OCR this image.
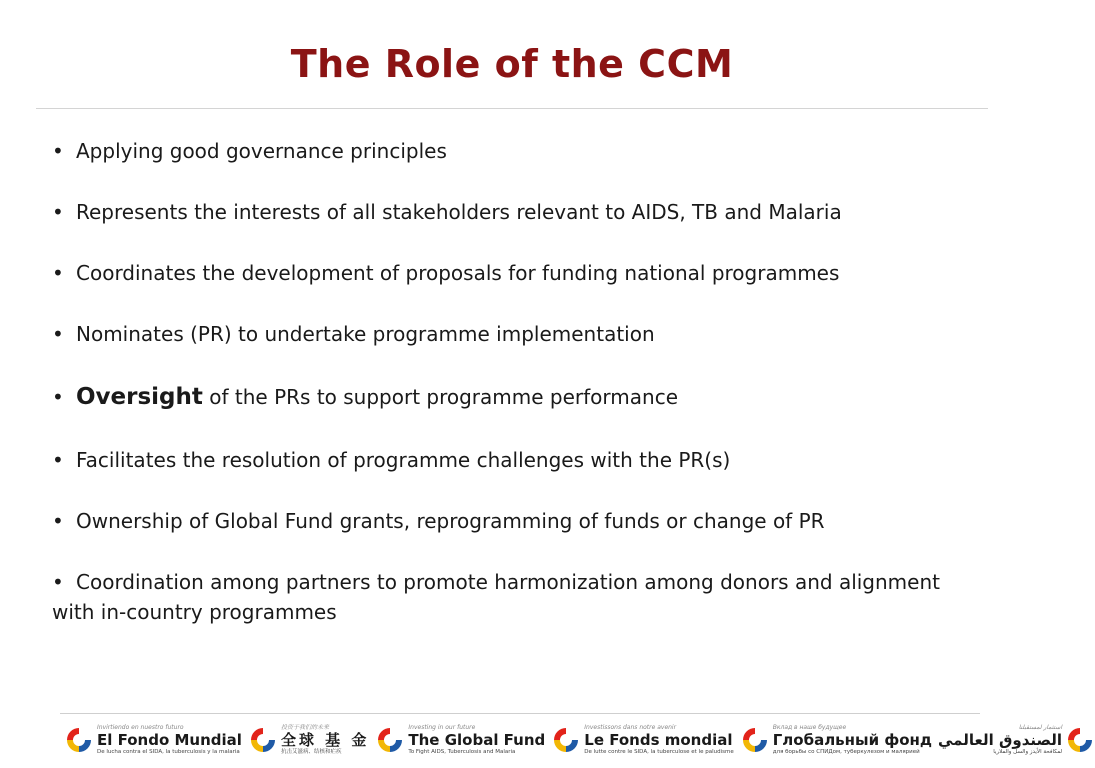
The Role of the CCM
• Applying good governance principles
• Represents the interests of all stakeholders relevant to AIDS, TB and Malaria
• Coordinates the development of proposals for funding national programmes
• Nominates (PR) to undertake programme implementation
• Oversight of the PRs to support programme performance
• Facilitates the resolution of programme challenges with the PR(s)
• Ownership of Global Fund grants, reprogramming of funds or change of PR
• Coordination among partners to promote harmonization among donors and alignment with in-country programmes
Invirtiendo en nuestro futuro
El Fondo Mundial
De lucha contra el SIDA, la tuberculosis y la malaria
投资于我们的未来
全球 基 金
抗击艾滋病、结核和疟疾
Investing in our future
The Global Fund
To Fight AIDS, Tuberculosis and Malaria
Investissons dans notre avenir
Le Fonds mondial
De lutte contre le SIDA, la tuberculose et le paludisme
Вклад в наше будущее
Глобальный фонд
для борьбы со СПИДом, туберкулезом и малярией
استثمار لمستقبلنا
الصندوق العالمي
لمكافحة الأيدز والسل والملاريا
